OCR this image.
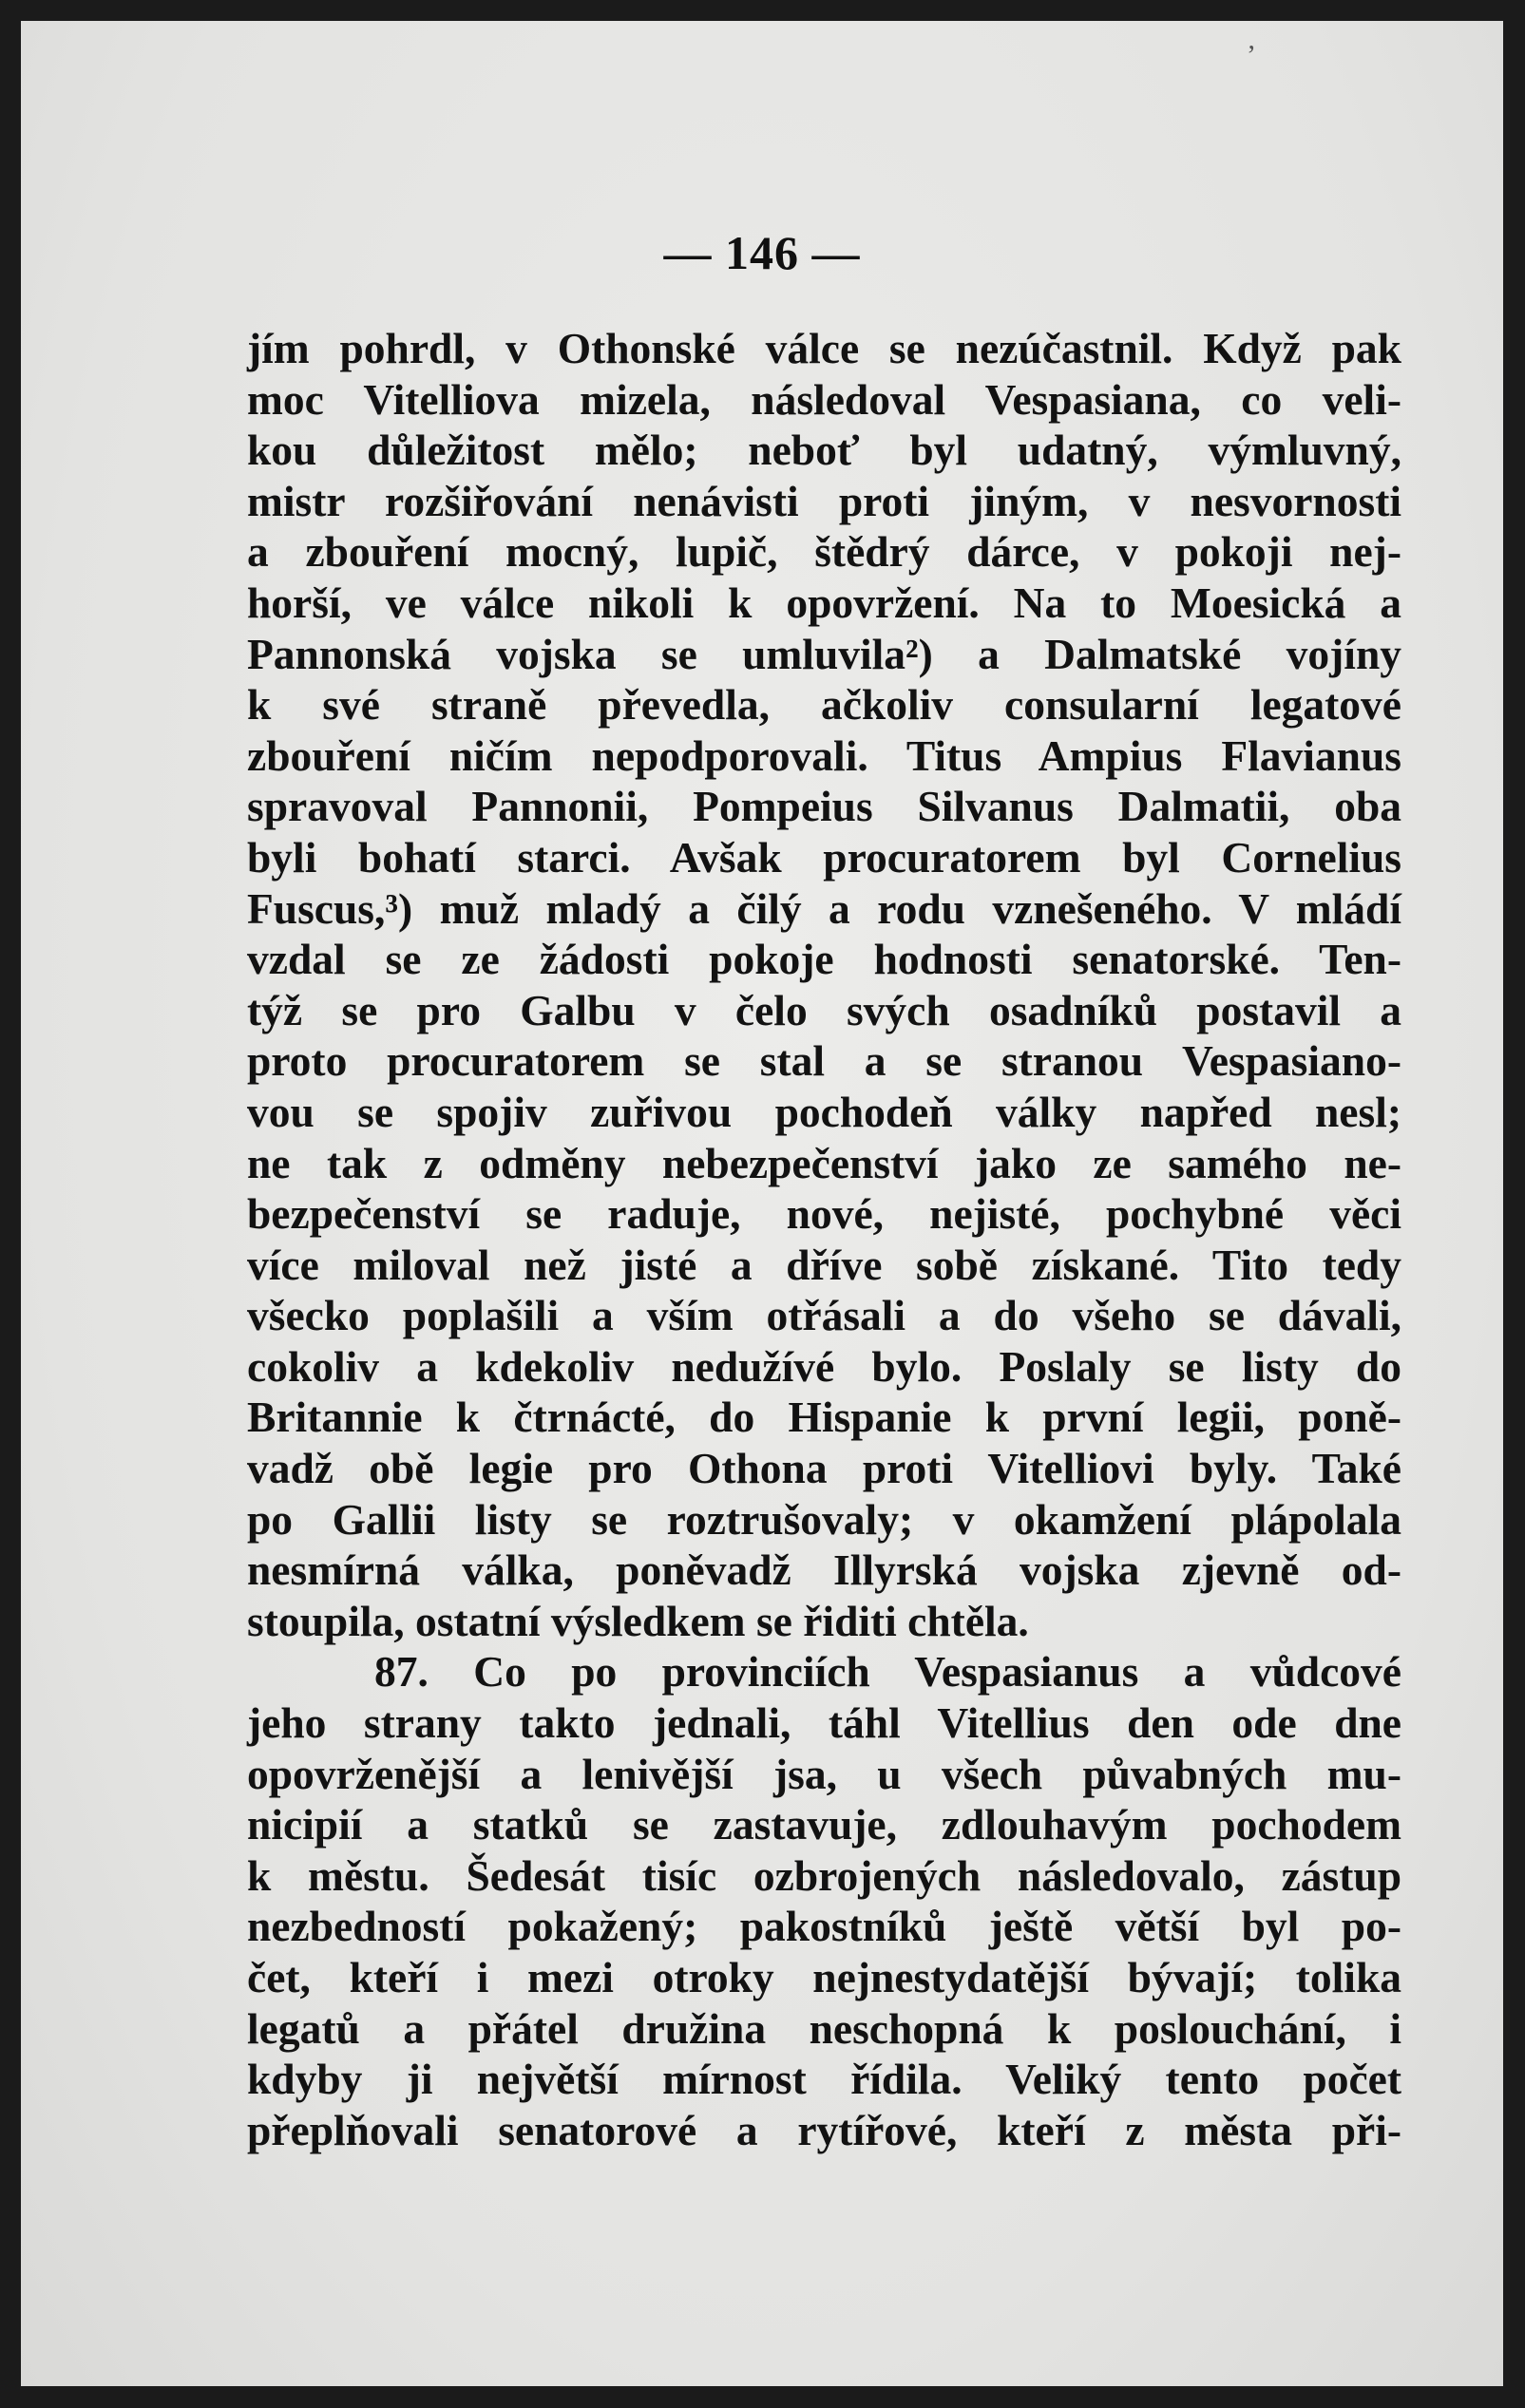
— 146 —
jím pohrdl, v Othonské válce se nezúčastnil. Když pak
moc Vitelliova mizela, následoval Vespasiana, co veli-
kou důležitost mělo; neboť byl udatný, výmluvný,
mistr rozšiřování nenávisti proti jiným, v nesvornosti
a zbouření mocný, lupič, štědrý dárce, v pokoji nej-
horší, ve válce nikoli k opovržení. Na to Moesická a
Pannonská vojska se umluvila²) a Dalmatské vojíny
k své straně převedla, ačkoliv consularní legatové
zbouření ničím nepodporovali. Titus Ampius Flavianus
spravoval Pannonii, Pompeius Silvanus Dalmatii, oba
byli bohatí starci. Avšak procuratorem byl Cornelius
Fuscus,³) muž mladý a čilý a rodu vznešeného. V mládí
vzdal se ze žádosti pokoje hodnosti senatorské. Ten-
týž se pro Galbu v čelo svých osadníků postavil a
proto procuratorem se stal a se stranou Vespasiano-
vou se spojiv zuřivou pochodeň války napřed nesl;
ne tak z odměny nebezpečenství jako ze samého ne-
bezpečenství se raduje, nové, nejisté, pochybné věci
více miloval než jisté a dříve sobě získané. Tito tedy
všecko poplašili a vším otřásali a do všeho se dávali,
cokoliv a kdekoliv nedužívé bylo. Poslaly se listy do
Britannie k čtrnácté, do Hispanie k první legii, poně-
vadž obě legie pro Othona proti Vitelliovi byly. Také
po Gallii listy se roztrušovaly; v okamžení plápolala
nesmírná válka, poněvadž Illyrská vojska zjevně od-
stoupila, ostatní výsledkem se řiditi chtěla.
87. Co po provinciích Vespasianus a vůdcové
jeho strany takto jednali, táhl Vitellius den ode dne
opovrženější a lenivější jsa, u všech půvabných mu-
nicipií a statků se zastavuje, zdlouhavým pochodem
k městu. Šedesát tisíc ozbrojených následovalo, zástup
nezbedností pokažený; pakostníků ještě větší byl po-
čet, kteří i mezi otroky nejnestydatější bývají; tolika
legatů a přátel družina neschopná k poslouchání, i
kdyby ji největší mírnost řídila. Veliký tento počet
přeplňovali senatorové a rytířové, kteří z města při-
ʼ
